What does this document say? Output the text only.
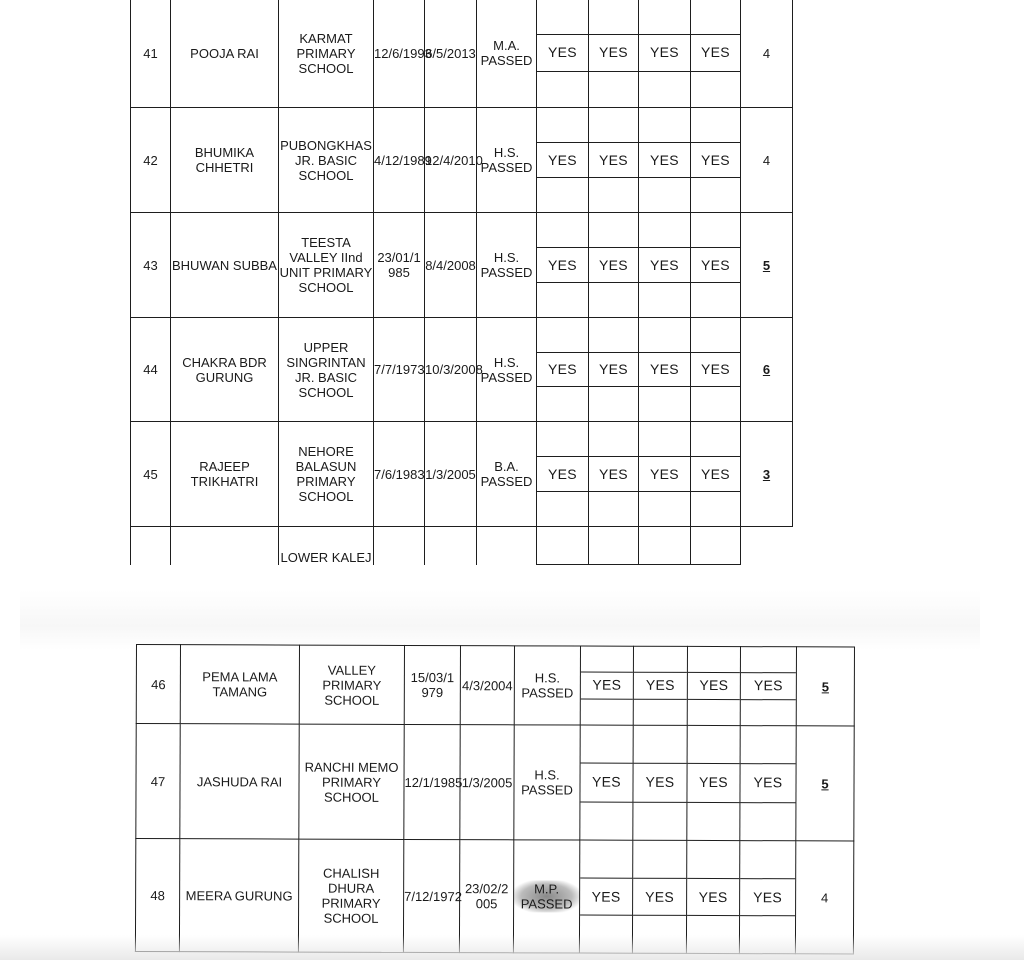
41	POOJA RAI	KARMAT PRIMARY SCHOOL	12/6/1993	6/5/2013	M.A. PASSED	YES	YES	YES	YES	4
42	BHUMIKA CHHETRI	PUBONGKHAS JR. BASIC SCHOOL	4/12/1989	12/4/2010	H.S. PASSED	YES	YES	YES	YES	4
43	BHUWAN SUBBA	TEESTA VALLEY IInd UNIT PRIMARY SCHOOL	23/01/1 985	8/4/2008	H.S. PASSED	YES	YES	YES	YES	5
44	CHAKRA BDR GURUNG	UPPER SINGRINTAN JR. BASIC SCHOOL	7/7/1973	10/3/2008	H.S. PASSED	YES	YES	YES	YES	6
45	RAJEEP TRIKHATRI	NEHORE BALASUN PRIMARY SCHOOL	7/6/1983	1/3/2005	B.A. PASSED	YES	YES	YES	YES	3
		LOWER KALEJ								
46	PEMA LAMA TAMANG	VALLEY PRIMARY SCHOOL	15/03/1 979	4/3/2004	H.S. PASSED	YES	YES	YES	YES	5
47	JASHUDA RAI	RANCHI MEMO PRIMARY SCHOOL	12/1/1985	1/3/2005	H.S. PASSED	YES	YES	YES	YES	5
48	MEERA GURUNG	CHALISH DHURA PRIMARY SCHOOL	7/12/1972	23/02/2 005	M.P. PASSED	YES	YES	YES	YES	4
